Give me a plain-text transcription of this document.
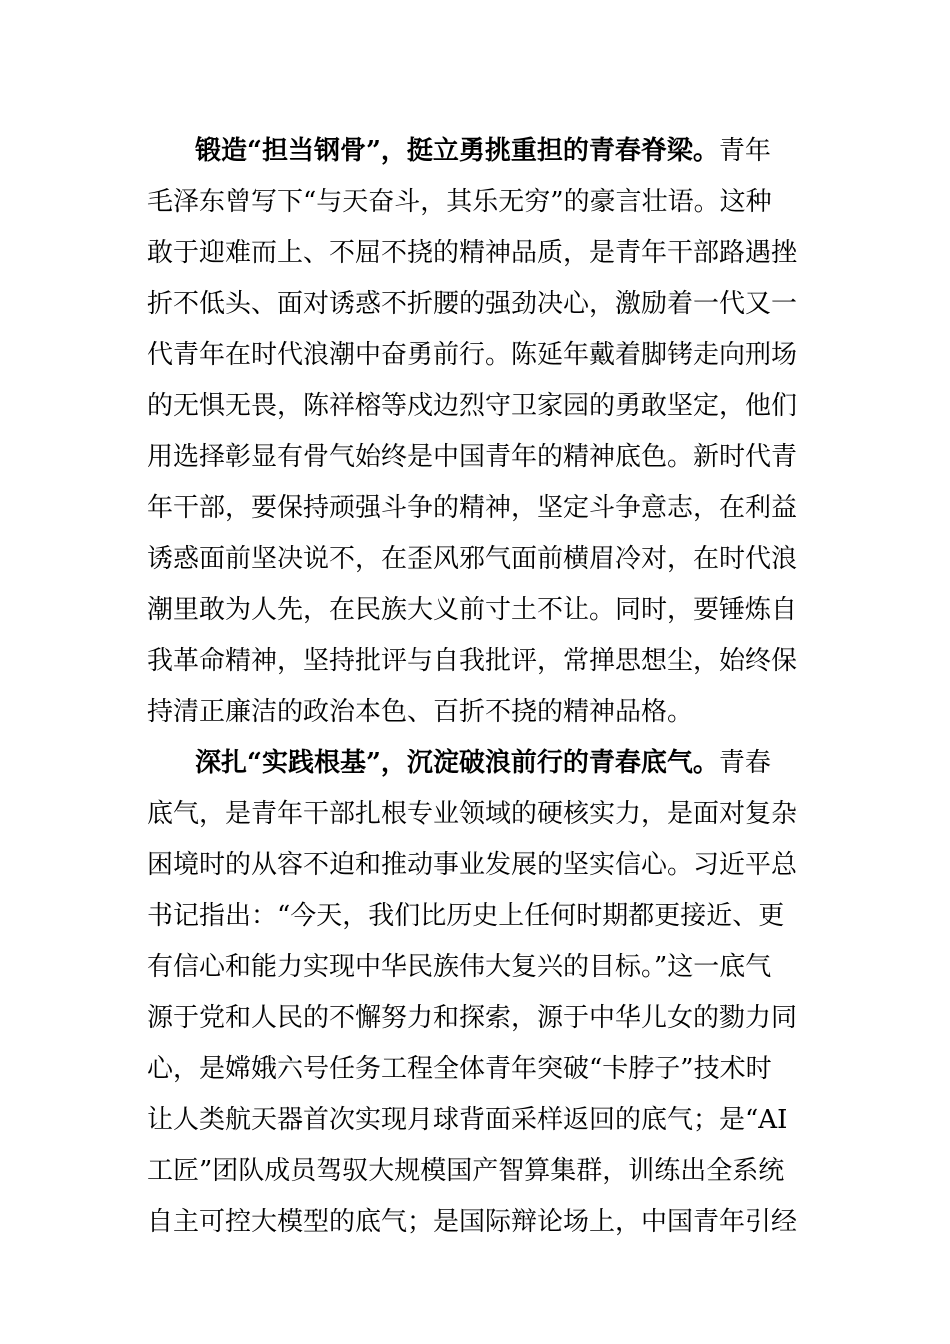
锻造“担当钢骨”，挺立勇挑重担的青春脊梁。青年
毛泽东曾写下“与天奋斗，其乐无穷”的豪言壮语。这种
敢于迎难而上、不屈不挠的精神品质，是青年干部路遇挫
折不低头、面对诱惑不折腰的强劲决心，激励着一代又一
代青年在时代浪潮中奋勇前行。陈延年戴着脚铐走向刑场
的无惧无畏，陈祥榕等戍边烈守卫家园的勇敢坚定，他们
用选择彰显有骨气始终是中国青年的精神底色。新时代青
年干部，要保持顽强斗争的精神，坚定斗争意志，在利益
诱惑面前坚决说不，在歪风邪气面前横眉冷对，在时代浪
潮里敢为人先，在民族大义前寸土不让。同时，要锤炼自
我革命精神，坚持批评与自我批评，常掸思想尘，始终保
持清正廉洁的政治本色、百折不挠的精神品格。
深扎“实践根基”，沉淀破浪前行的青春底气。青春
底气，是青年干部扎根专业领域的硬核实力，是面对复杂
困境时的从容不迫和推动事业发展的坚实信心。习近平总
书记指出：“今天，我们比历史上任何时期都更接近、更
有信心和能力实现中华民族伟大复兴的目标。”这一底气
源于党和人民的不懈努力和探索，源于中华儿女的勠力同
心，是嫦娥六号任务工程全体青年突破“卡脖子”技术时
让人类航天器首次实现月球背面采样返回的底气；是“AI
工匠”团队成员驾驭大规模国产智算集群，训练出全系统
自主可控大模型的底气；是国际辩论场上，中国青年引经
